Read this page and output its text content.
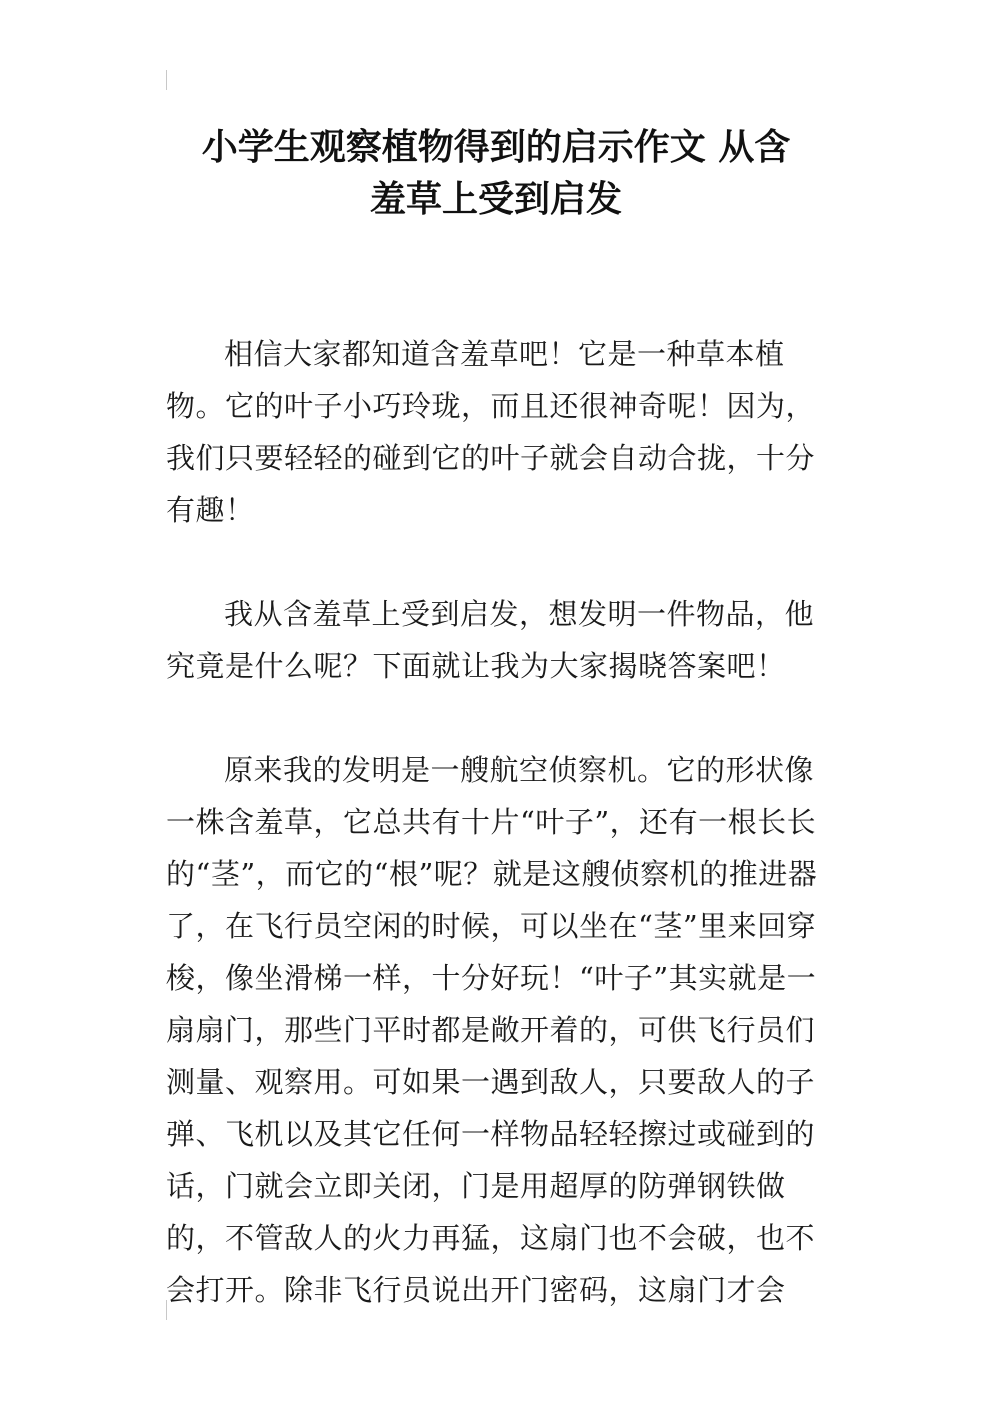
小学生观察植物得到的启示作文 从含
羞草上受到启发

相信大家都知道含羞草吧！它是一种草本植物。它的叶子小巧玲珑，而且还很神奇呢！因为，我们只要轻轻的碰到它的叶子就会自动合拢，十分有趣！

我从含羞草上受到启发，想发明一件物品，他究竟是什么呢？下面就让我为大家揭晓答案吧！

原来我的发明是一艘航空侦察机。它的形状像一株含羞草，它总共有十片“叶子”，还有一根长长的“茎”，而它的“根”呢？就是这艘侦察机的推进器了，在飞行员空闲的时候，可以坐在“茎”里来回穿梭，像坐滑梯一样，十分好玩！“叶子”其实就是一扇扇门，那些门平时都是敞开着的，可供飞行员们测量、观察用。可如果一遇到敌人，只要敌人的子弹、飞机以及其它任何一样物品轻轻擦过或碰到的话，门就会立即关闭，门是用超厚的防弹钢铁做的，不管敌人的火力再猛，这扇门也不会破，也不会打开。除非飞行员说出开门密码，这扇门才会
